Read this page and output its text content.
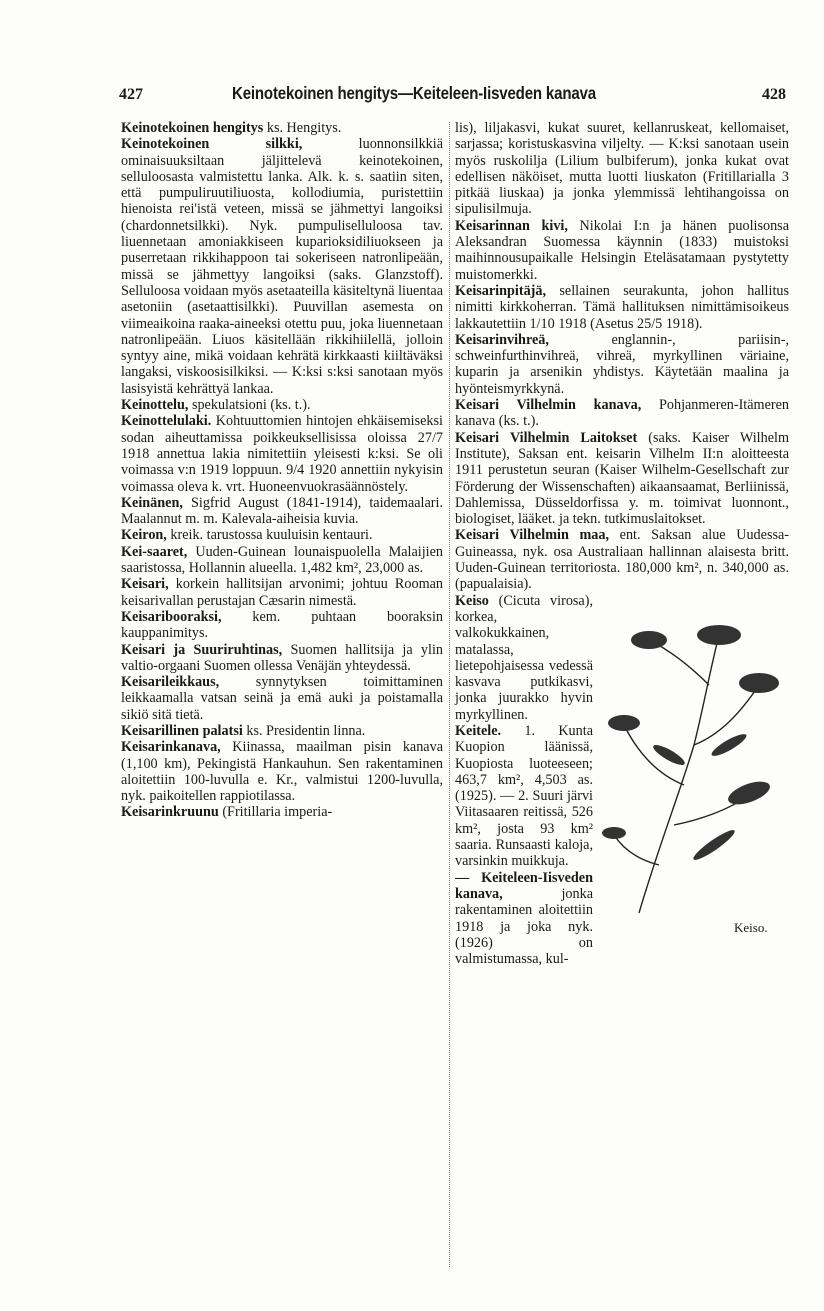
427	Keinotekoinen hengitys—Keiteleen-Iisveden kanava	428

Keinotekoinen hengitys ks. Hengitys.

Keinotekoinen silkki, luonnonsilkkiä ominaisuuksiltaan jäljittelevä keinotekoinen, selluloosasta valmistettu lanka. Alk. k. s. saatiin siten, että pumpuliruutiliuosta, kollodiumia, puristettiin hienoista rei'istä veteen, missä se jähmettyi langoiksi (chardonnetsilkki). Nyk. pumpuliselluloosa tav. liuennetaan amoniakkiseen kuparioksidiliuokseen ja puserretaan rikkihappoon tai sokeriseen natronlipeään, missä se jähmettyy langoiksi (saks. Glanzstoff). Selluloosa voidaan myös asetaateilla käsiteltynä liuentaa asetoniin (asetaattisilkki). Puuvillan asemesta on viimeaikoina raaka-aineeksi otettu puu, joka liuennetaan natronlipeään. Liuos käsitellään rikkihiilellä, jolloin syntyy aine, mikä voidaan kehrätä kirkkaasti kiiltäväksi langaksi, viskoosisilkiksi. — K:ksi s:ksi sanotaan myös lasisyistä kehrättyä lankaa.

Keinottelu, spekulatsioni (ks. t.).

Keinottelulaki. Kohtuuttomien hintojen ehkäisemiseksi sodan aiheuttamissa poikkeuksellisissa oloissa 27/7 1918 annettua lakia nimitettiin yleisesti k:ksi. Se oli voimassa v:n 1919 loppuun. 9/4 1920 annettiin nykyisin voimassa oleva k. vrt. Huoneenvuokrasäännöstely.

Keinänen, Sigfrid August (1841-1914), taidemaalari. Maalannut m. m. Kalevala-aiheisia kuvia.

Keiron, kreik. tarustossa kuuluisin kentauri.

Kei-saaret, Uuden-Guinean lounaispuolella Malaijien saaristossa, Hollannin alueella. 1,482 km², 23,000 as.

Keisari, korkein hallitsijan arvonimi; johtuu Rooman keisarivallan perustajan Cæsarin nimestä.

Keisaribooraksi, kem. puhtaan booraksin kauppanimitys.

Keisari ja Suuriruhtinas, Suomen hallitsija ja ylin valtio-orgaani Suomen ollessa Venäjän yhteydessä.

Keisarileikkaus, synnytyksen toimittaminen leikkaamalla vatsan seinä ja emä auki ja poistamalla sikiö sitä tietä.

Keisarillinen palatsi ks. Presidentin linna.

Keisarinkanava, Kiinassa, maailman pisin kanava (1,100 km), Pekingistä Hankauhun. Sen rakentaminen aloitettiin 100-luvulla e. Kr., valmistui 1200-luvulla, nyk. paikoitellen rappiotilassa.

Keisarinkruunu (Fritillaria imperia-

lis), liljakasvi, kukat suuret, kellanruskeat, kellomaiset, sarjassa; koristuskasvina viljelty. — K:ksi sanotaan usein myös ruskolilja (Lilium bulbiferum), jonka kukat ovat edellisen näköiset, mutta luotti liuskaton (Fritillarialla 3 pitkää liuskaa) ja jonka ylemmissä lehtihangoissa on sipulisilmuja.

Keisarinnan kivi, Nikolai I:n ja hänen puolisonsa Aleksandran Suomessa käynnin (1833) muistoksi maihinnousupaikalle Helsingin Eteläsatamaan pystytetty muistomerkki.

Keisarinpitäjä, sellainen seurakunta, johon hallitus nimitti kirkkoherran. Tämä hallituksen nimittämisoikeus lakkautettiin 1/10 1918 (Asetus 25/5 1918).

Keisarinvihreä, englannin-, pariisin-, schweinfurthinvihreä, vihreä, myrkyllinen väriaine, kuparin ja arsenikin yhdistys. Käytetään maalina ja hyönteismyrkkynä.

Keisari Vilhelmin kanava, Pohjanmeren-Itämeren kanava (ks. t.).

Keisari Vilhelmin Laitokset (saks. Kaiser Wilhelm Institute), Saksan ent. keisarin Vilhelm II:n aloitteesta 1911 perustetun seuran (Kaiser Wilhelm-Gesellschaft zur Förderung der Wissenschaften) aikaansaamat, Berliinissä, Dahlemissa, Düsseldorfissa y. m. toimivat luonnont., biologiset, lääket. ja tekn. tutkimuslaitokset.

Keisari Vilhelmin maa, ent. Saksan alue Uudessa-Guineassa, nyk. osa Australiaan hallinnan alaisesta britt. Uuden-Guinean territoriosta. 180,000 km², n. 340,000 as. (papualaisia).

Keiso.

Keiso (Cicuta virosa), korkea, valkokukkainen, matalassa, lietepohjaisessa vedessä kasvava putkikasvi, jonka juurakko hyvin myrkyllinen.

Keitele. 1. Kunta Kuopion läänissä, Kuopiosta luoteeseen; 463,7 km², 4,503 as. (1925). — 2. Suuri järvi Viitasaaren reitissä, 526 km², josta 93 km² saaria. Runsaasti kaloja, varsinkin muikkuja.

— Keiteleen-Iisveden kanava, jonka rakentaminen aloitettiin 1918 ja joka nyk. (1926) on valmistumassa, kul-
